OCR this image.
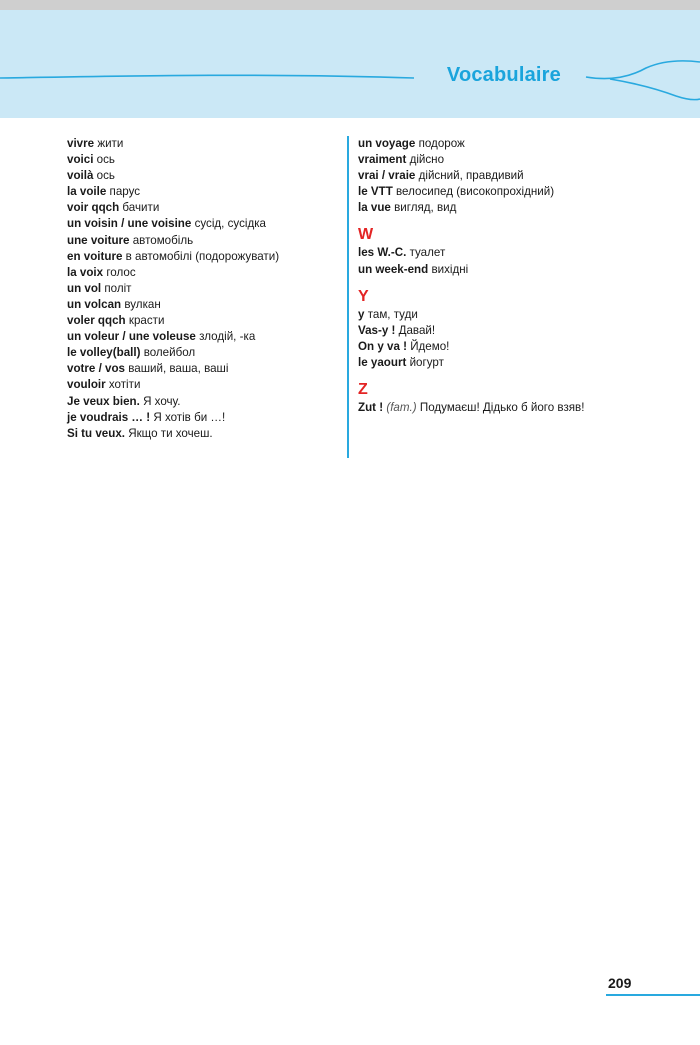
Vocabulaire
vivre жити
voici ось
voilà ось
la voile парус
voir qqch бачити
un voisin / une voisine сусід, сусідка
une voiture автомобіль
en voiture в автомобілі (подорожувати)
la voix голос
un vol політ
un volcan вулкан
voler qqch красти
un voleur / une voleuse злодій, -ка
le volley(ball) волейбол
votre / vos ваший, ваша, ваші
vouloir хотіти
Je veux bien. Я хочу.
je voudrais … ! Я хотів би …!
Si tu veux. Якщо ти хочеш.
un voyage подорож
vraiment дійсно
vrai / vraie дійсний, правдивий
le VTT велосипед (високопрохідний)
la vue вигляд, вид
W
les W.-C. туалет
un week-end вихідні
Y
y там, туди
Vas-y ! Давай!
On y va ! Йдемо!
le yaourt йогурт
Z
Zut ! (fam.) Подумаєш! Дідько б його взяв!
209
